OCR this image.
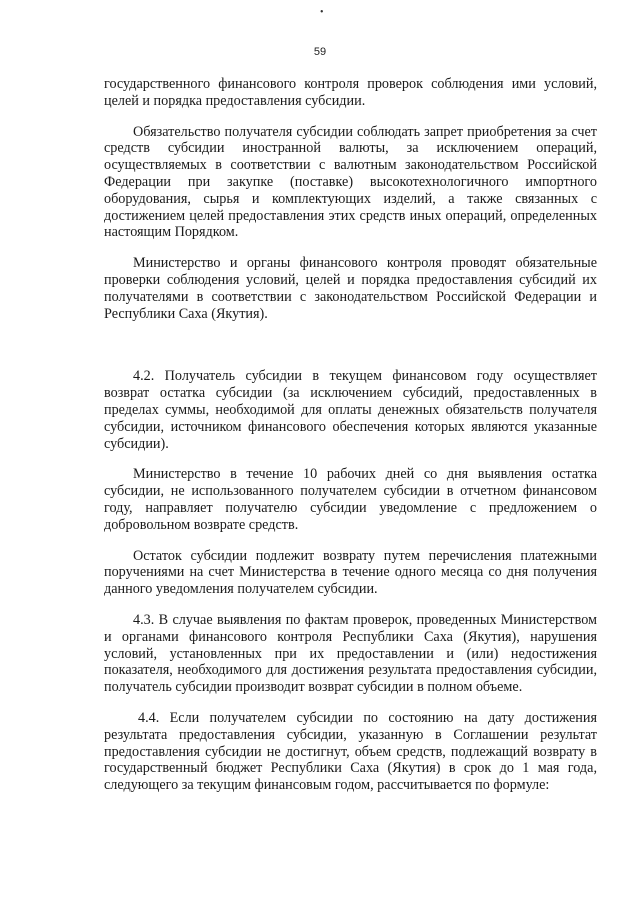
•
59

государственного финансового контроля проверок соблюдения ими условий, целей и порядка предоставления субсидии.

Обязательство получателя субсидии соблюдать запрет приобретения за счет средств субсидии иностранной валюты, за исключением операций, осуществляемых в соответствии с валютным законодательством Российской Федерации при закупке (поставке) высокотехнологичного импортного оборудования, сырья и комплектующих изделий, а также связанных с достижением целей предоставления этих средств иных операций, определенных настоящим Порядком.

Министерство и органы финансового контроля проводят обязательные проверки соблюдения условий, целей и порядка предоставления субсидий их получателями в соответствии с законодательством Российской Федерации и Республики Саха (Якутия).

4.2. Получатель субсидии в текущем финансовом году осуществляет возврат остатка субсидии (за исключением субсидий, предоставленных в пределах суммы, необходимой для оплаты денежных обязательств получателя субсидии, источником финансового обеспечения которых являются указанные субсидии).

Министерство в течение 10 рабочих дней со дня выявления остатка субсидии, не использованного получателем субсидии в отчетном финансовом году, направляет получателю субсидии уведомление с предложением о добровольном возврате средств.

Остаток субсидии подлежит возврату путем перечисления платежными поручениями на счет Министерства в течение одного месяца со дня получения данного уведомления получателем субсидии.

4.3. В случае выявления по фактам проверок, проведенных Министерством и органами финансового контроля Республики Саха (Якутия), нарушения условий, установленных при их предоставлении и (или) недостижения показателя, необходимого для достижения результата предоставления субсидии, получатель субсидии производит возврат субсидии в полном объеме.

4.4. Если получателем субсидии по состоянию на дату достижения результата предоставления субсидии, указанную в Соглашении результат предоставления субсидии не достигнут, объем средств, подлежащий возврату в государственный бюджет Республики Саха (Якутия) в срок до 1 мая года, следующего за текущим финансовым годом, рассчитывается по формуле:
